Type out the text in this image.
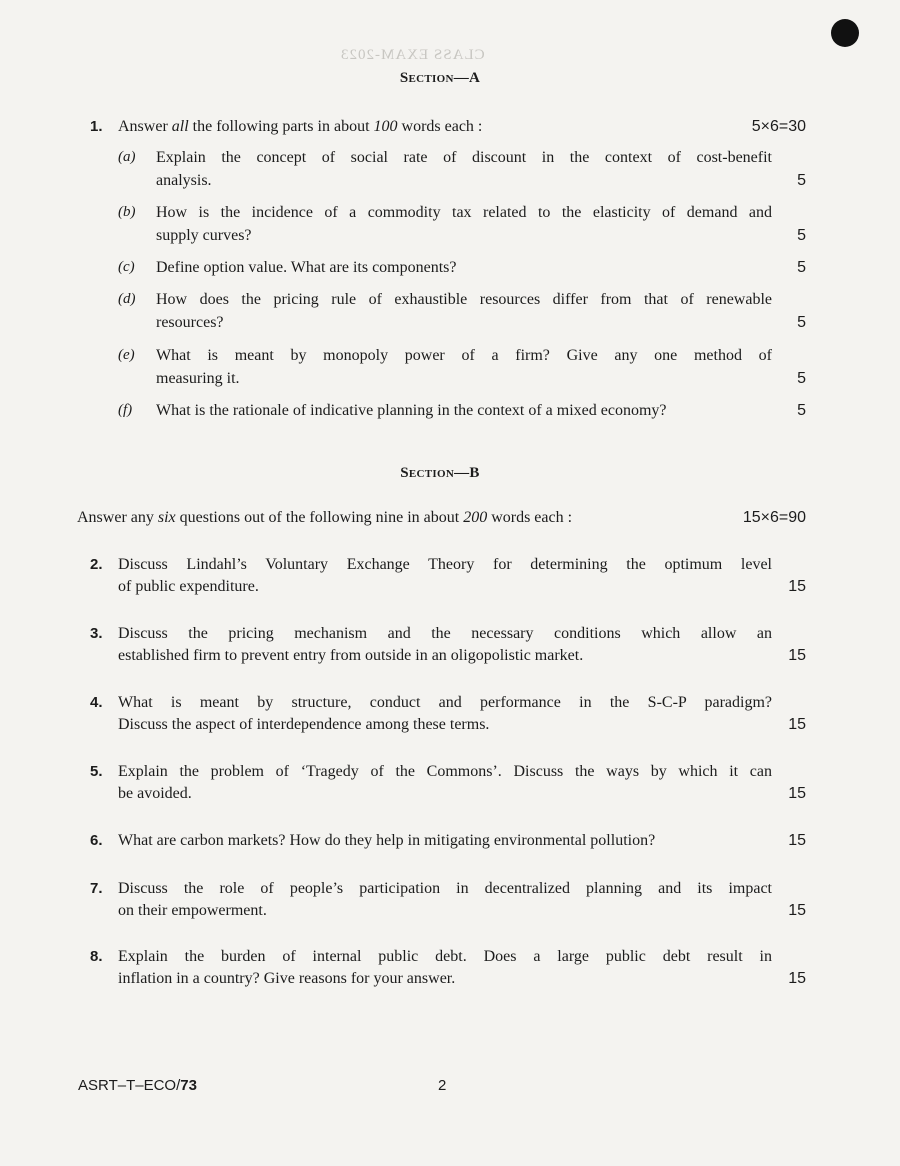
CLASS EXAM-2023
Section—A
1. Answer all the following parts in about 100 words each :	5×6=30
(a) Explain the concept of social rate of discount in the context of cost-benefit
analysis.	5
(b) How is the incidence of a commodity tax related to the elasticity of demand and
supply curves?	5
(c) Define option value. What are its components?	5
(d) How does the pricing rule of exhaustible resources differ from that of renewable
resources?	5
(e) What is meant by monopoly power of a firm? Give any one method of
measuring it.	5
(f) What is the rationale of indicative planning in the context of a mixed economy?	5
Section—B
Answer any six questions out of the following nine in about 200 words each :	15×6=90
2. Discuss Lindahl’s Voluntary Exchange Theory for determining the optimum level
of public expenditure.	15
3. Discuss the pricing mechanism and the necessary conditions which allow an
established firm to prevent entry from outside in an oligopolistic market.	15
4. What is meant by structure, conduct and performance in the S-C-P paradigm?
Discuss the aspect of interdependence among these terms.	15
5. Explain the problem of ‘Tragedy of the Commons’. Discuss the ways by which it can
be avoided.	15
6. What are carbon markets? How do they help in mitigating environmental pollution?	15
7. Discuss the role of people’s participation in decentralized planning and its impact
on their empowerment.	15
8. Explain the burden of internal public debt. Does a large public debt result in
inflation in a country? Give reasons for your answer.	15
ASRT–T–ECO/73	2
